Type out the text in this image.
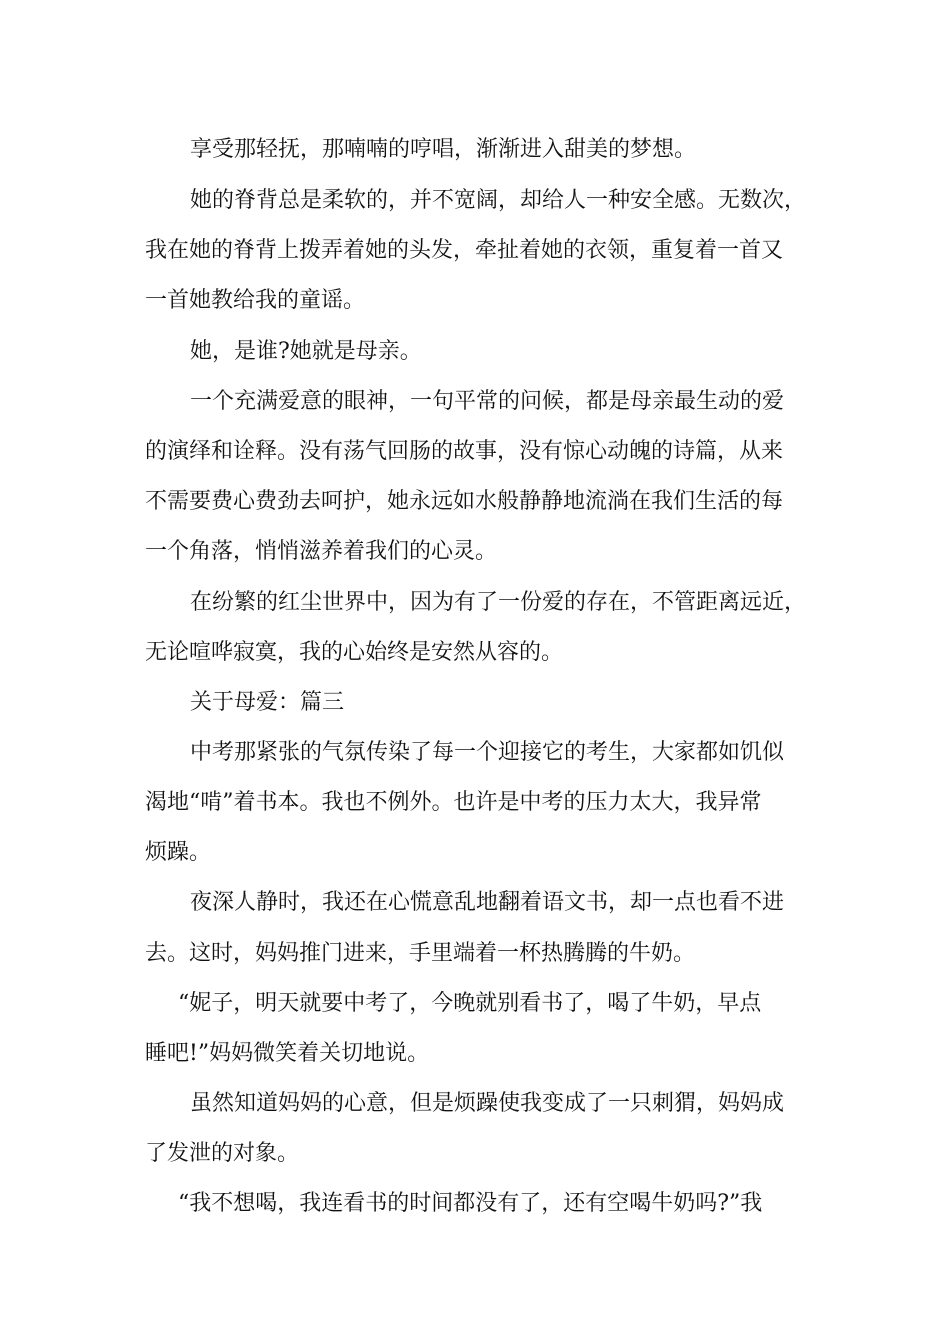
享受那轻抚，那喃喃的哼唱，渐渐进入甜美的梦想。
她的脊背总是柔软的，并不宽阔，却给人一种安全感。无数次，
我在她的脊背上拨弄着她的头发，牵扯着她的衣领，重复着一首又
一首她教给我的童谣。
她，是谁?她就是母亲。
一个充满爱意的眼神，一句平常的问候，都是母亲最生动的爱
的演绎和诠释。没有荡气回肠的故事，没有惊心动魄的诗篇，从来
不需要费心费劲去呵护，她永远如水般静静地流淌在我们生活的每
一个角落，悄悄滋养着我们的心灵。
在纷繁的红尘世界中，因为有了一份爱的存在，不管距离远近，
无论喧哗寂寞，我的心始终是安然从容的。
关于母爱：篇三
中考那紧张的气氛传染了每一个迎接它的考生，大家都如饥似
渴地“啃”着书本。我也不例外。也许是中考的压力太大，我异常
烦躁。
夜深人静时，我还在心慌意乱地翻着语文书，却一点也看不进
去。这时，妈妈推门进来，手里端着一杯热腾腾的牛奶。
“妮子，明天就要中考了，今晚就别看书了，喝了牛奶，早点
睡吧!”妈妈微笑着关切地说。
虽然知道妈妈的心意，但是烦躁使我变成了一只刺猬，妈妈成
了发泄的对象。
“我不想喝，我连看书的时间都没有了，还有空喝牛奶吗?”我
